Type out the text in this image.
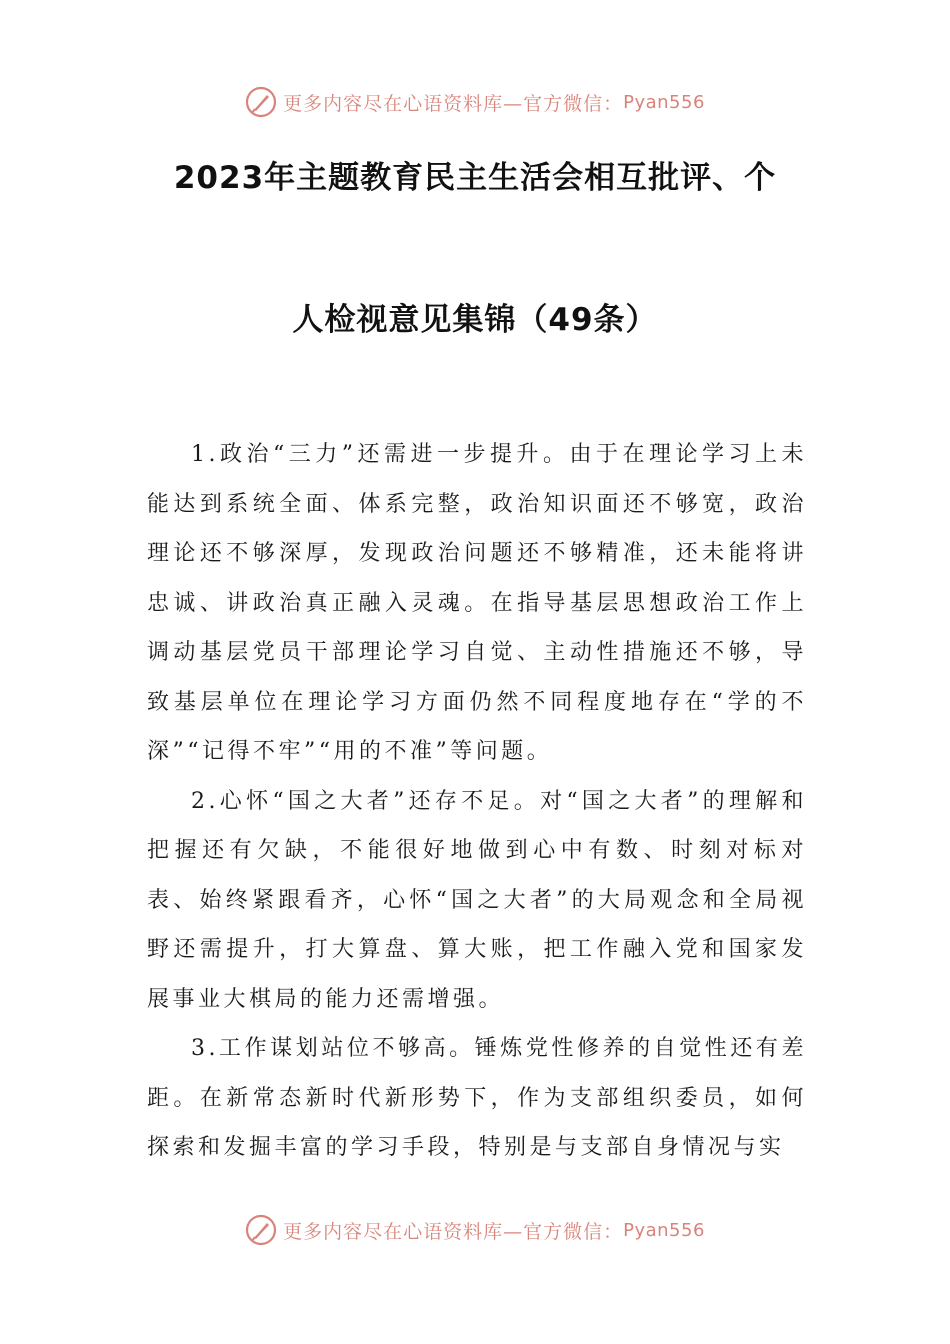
更多内容尽在心语资料库—官方微信： Pyan556
2023年主题教育民主生活会相互批评、个
人检视意见集锦（49条）

1.政治“三力”还需进一步提升。由于在理论学习上未能达到系统全面、体系完整，政治知识面还不够宽，政治理论还不够深厚，发现政治问题还不够精准，还未能将讲忠诚、讲政治真正融入灵魂。在指导基层思想政治工作上调动基层党员干部理论学习自觉、主动性措施还不够，导致基层单位在理论学习方面仍然不同程度地存在“学的不深”“记得不牢”“用的不准”等问题。

2.心怀“国之大者”还存不足。对“国之大者”的理解和把握还有欠缺，不能很好地做到心中有数、时刻对标对表、始终紧跟看齐，心怀“国之大者”的大局观念和全局视野还需提升，打大算盘、算大账，把工作融入党和国家发展事业大棋局的能力还需增强。

3.工作谋划站位不够高。锤炼党性修养的自觉性还有差距。在新常态新时代新形势下，作为支部组织委员，如何探索和发掘丰富的学习手段，特别是与支部自身情况与实

更多内容尽在心语资料库—官方微信： Pyan556
